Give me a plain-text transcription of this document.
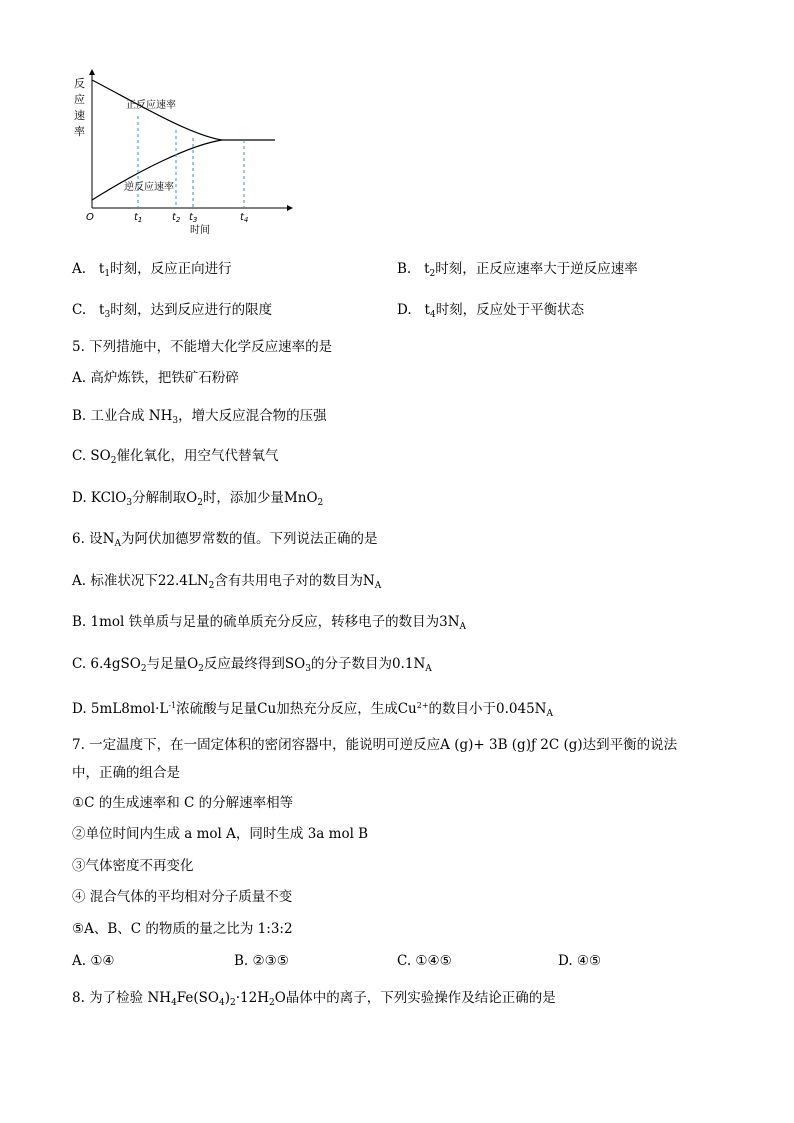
反
应
速
率
正反应速率
逆反应速率
O	$t_1$	$t_2$ $t_3$	$t_4$
时间
A. $t_1$时刻，反应正向进行	B. $t_2$时刻，正反应速率大于逆反应速率
C. $t_3$时刻，达到反应进行的限度	D. $t_4$时刻，反应处于平衡状态
5. 下列措施中，不能增大化学反应速率的是
A. 高炉炼铁，把铁矿石粉碎
B. 工业合成 $NH_3$，增大反应混合物的压强
C. $SO_2$催化氧化，用空气代替氧气
D. KClO$_3$分解制取$O_2$时，添加少量MnO$_2$
6. 设$N_A$为阿伏加德罗常数的值。下列说法正确的是
A. 标准状况下$22.4LN_2$含有共用电子对的数目为$N_A$
B. 1mol 铁单质与足量的硫单质充分反应，转移电子的数目为$3N_A$
C. 6.4gSO$_2$与足量$O_2$反应最终得到$SO_3$的分子数目为$0.1N_A$
D. $5mL8mol\cdot L^{-1}$浓硫酸与足量Cu加热充分反应，生成$Cu^{2+}$的数目小于$0.045N_A$
7. 一定温度下，在一固定体积的密闭容器中，能说明可逆反应A (g)+ 3B (g)ƒ 2C (g)达到平衡的说法
中，正确的组合是
①C 的生成速率和 C 的分解速率相等
②单位时间内生成 a mol A，同时生成 3a mol B
③气体密度不再变化
④ 混合气体的平均相对分子质量不变
⑤A、B、C 的物质的量之比为 1:3:2
A. ①④	B. ②③⑤	C. ①④⑤	D. ④⑤
8. 为了检验 $NH_4Fe(SO_4)_2\cdot 12H_2O$晶体中的离子，下列实验操作及结论正确的是
